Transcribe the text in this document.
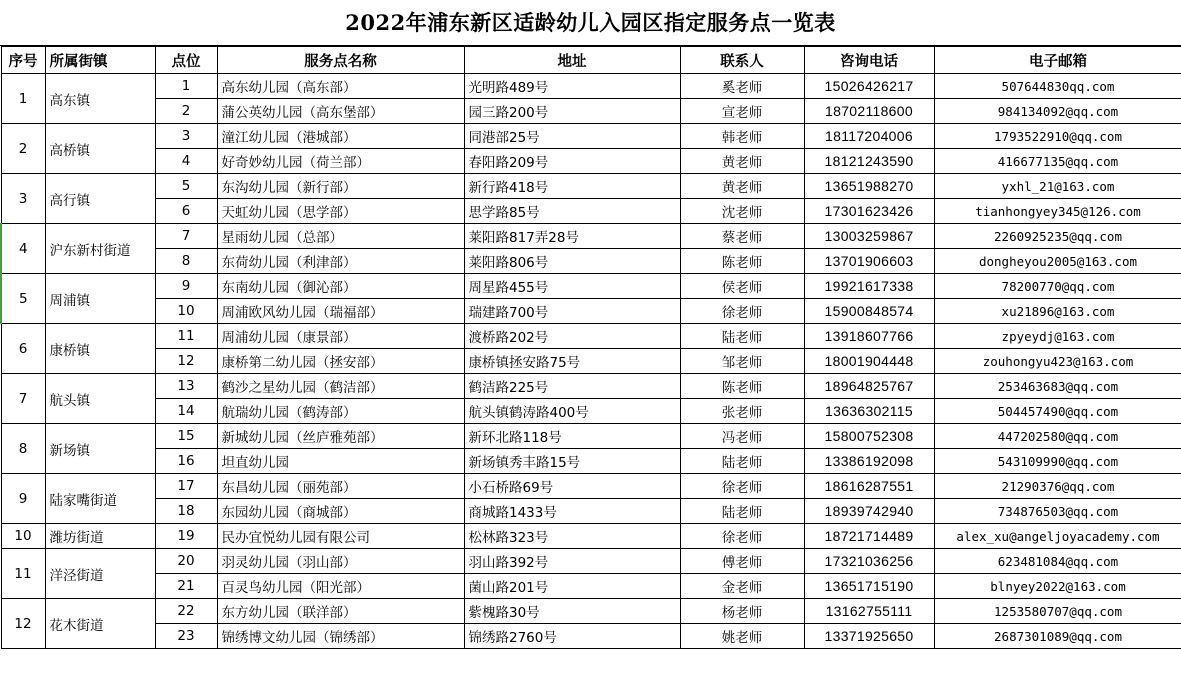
2022年浦东新区适龄幼儿入园区指定服务点一览表
序号	所属街镇	点位	服务点名称	地址	联系人	咨询电话	电子邮箱
1	高东镇	1	高东幼儿园（高东部）	光明路489号	奚老师	15026426217	507644830qq.com
		2	蒲公英幼儿园（高东堡部）	园三路200号	宣老师	18702118600	984134092@qq.com
2	高桥镇	3	潼江幼儿园（港城部）	同港部25号	韩老师	18117204006	1793522910@qq.com
		4	好奇妙幼儿园（荷兰部）	春阳路209号	黄老师	18121243590	416677135@qq.com
3	高行镇	5	东沟幼儿园（新行部）	新行路418号	黄老师	13651988270	yxhl_21@163.com
		6	天虹幼儿园（思学部）	思学路85号	沈老师	17301623426	tianhongyey345@126.com
4	沪东新村街道	7	星雨幼儿园（总部）	莱阳路817弄28号	蔡老师	13003259867	2260925235@qq.com
		8	东荷幼儿园（利津部）	莱阳路806号	陈老师	13701906603	dongheyou2005@163.com
5	周浦镇	9	东南幼儿园（御沁部）	周星路455号	侯老师	19921617338	78200770@qq.com
		10	周浦欧风幼儿园（瑞福部）	瑞建路700号	徐老师	15900848574	xu21896@163.com
6	康桥镇	11	周浦幼儿园（康景部）	渡桥路202号	陆老师	13918607766	zpyeydj@163.com
		12	康桥第二幼儿园（拯安部）	康桥镇拯安路75号	邹老师	18001904448	zouhongyu423@163.com
7	航头镇	13	鹤沙之星幼儿园（鹤洁部）	鹤洁路225号	陈老师	18964825767	253463683@qq.com
		14	航瑞幼儿园（鹤涛部）	航头镇鹤涛路400号	张老师	13636302115	504457490@qq.com
8	新场镇	15	新城幼儿园（丝庐雅苑部）	新环北路118号	冯老师	15800752308	447202580@qq.com
		16	坦直幼儿园	新场镇秀丰路15号	陆老师	13386192098	543109990@qq.com
9	陆家嘴街道	17	东昌幼儿园（丽苑部）	小石桥路69号	徐老师	18616287551	21290376@qq.com
		18	东园幼儿园（商城部）	商城路1433号	陆老师	18939742940	734876503@qq.com
10	潍坊街道	19	民办宜悦幼儿园有限公司	松林路323号	徐老师	18721714489	alex_xu@angeljoyacademy.com
11	洋泾街道	20	羽灵幼儿园（羽山部）	羽山路392号	傅老师	17321036256	623481084@qq.com
		21	百灵鸟幼儿园（阳光部）	菌山路201号	金老师	13651715190	blnyey2022@163.com
12	花木街道	22	东方幼儿园（联洋部）	紫槐路30号	杨老师	13162755111	1253580707@qq.com
		23	锦绣博文幼儿园（锦绣部）	锦绣路2760号	姚老师	13371925650	2687301089@qq.com
